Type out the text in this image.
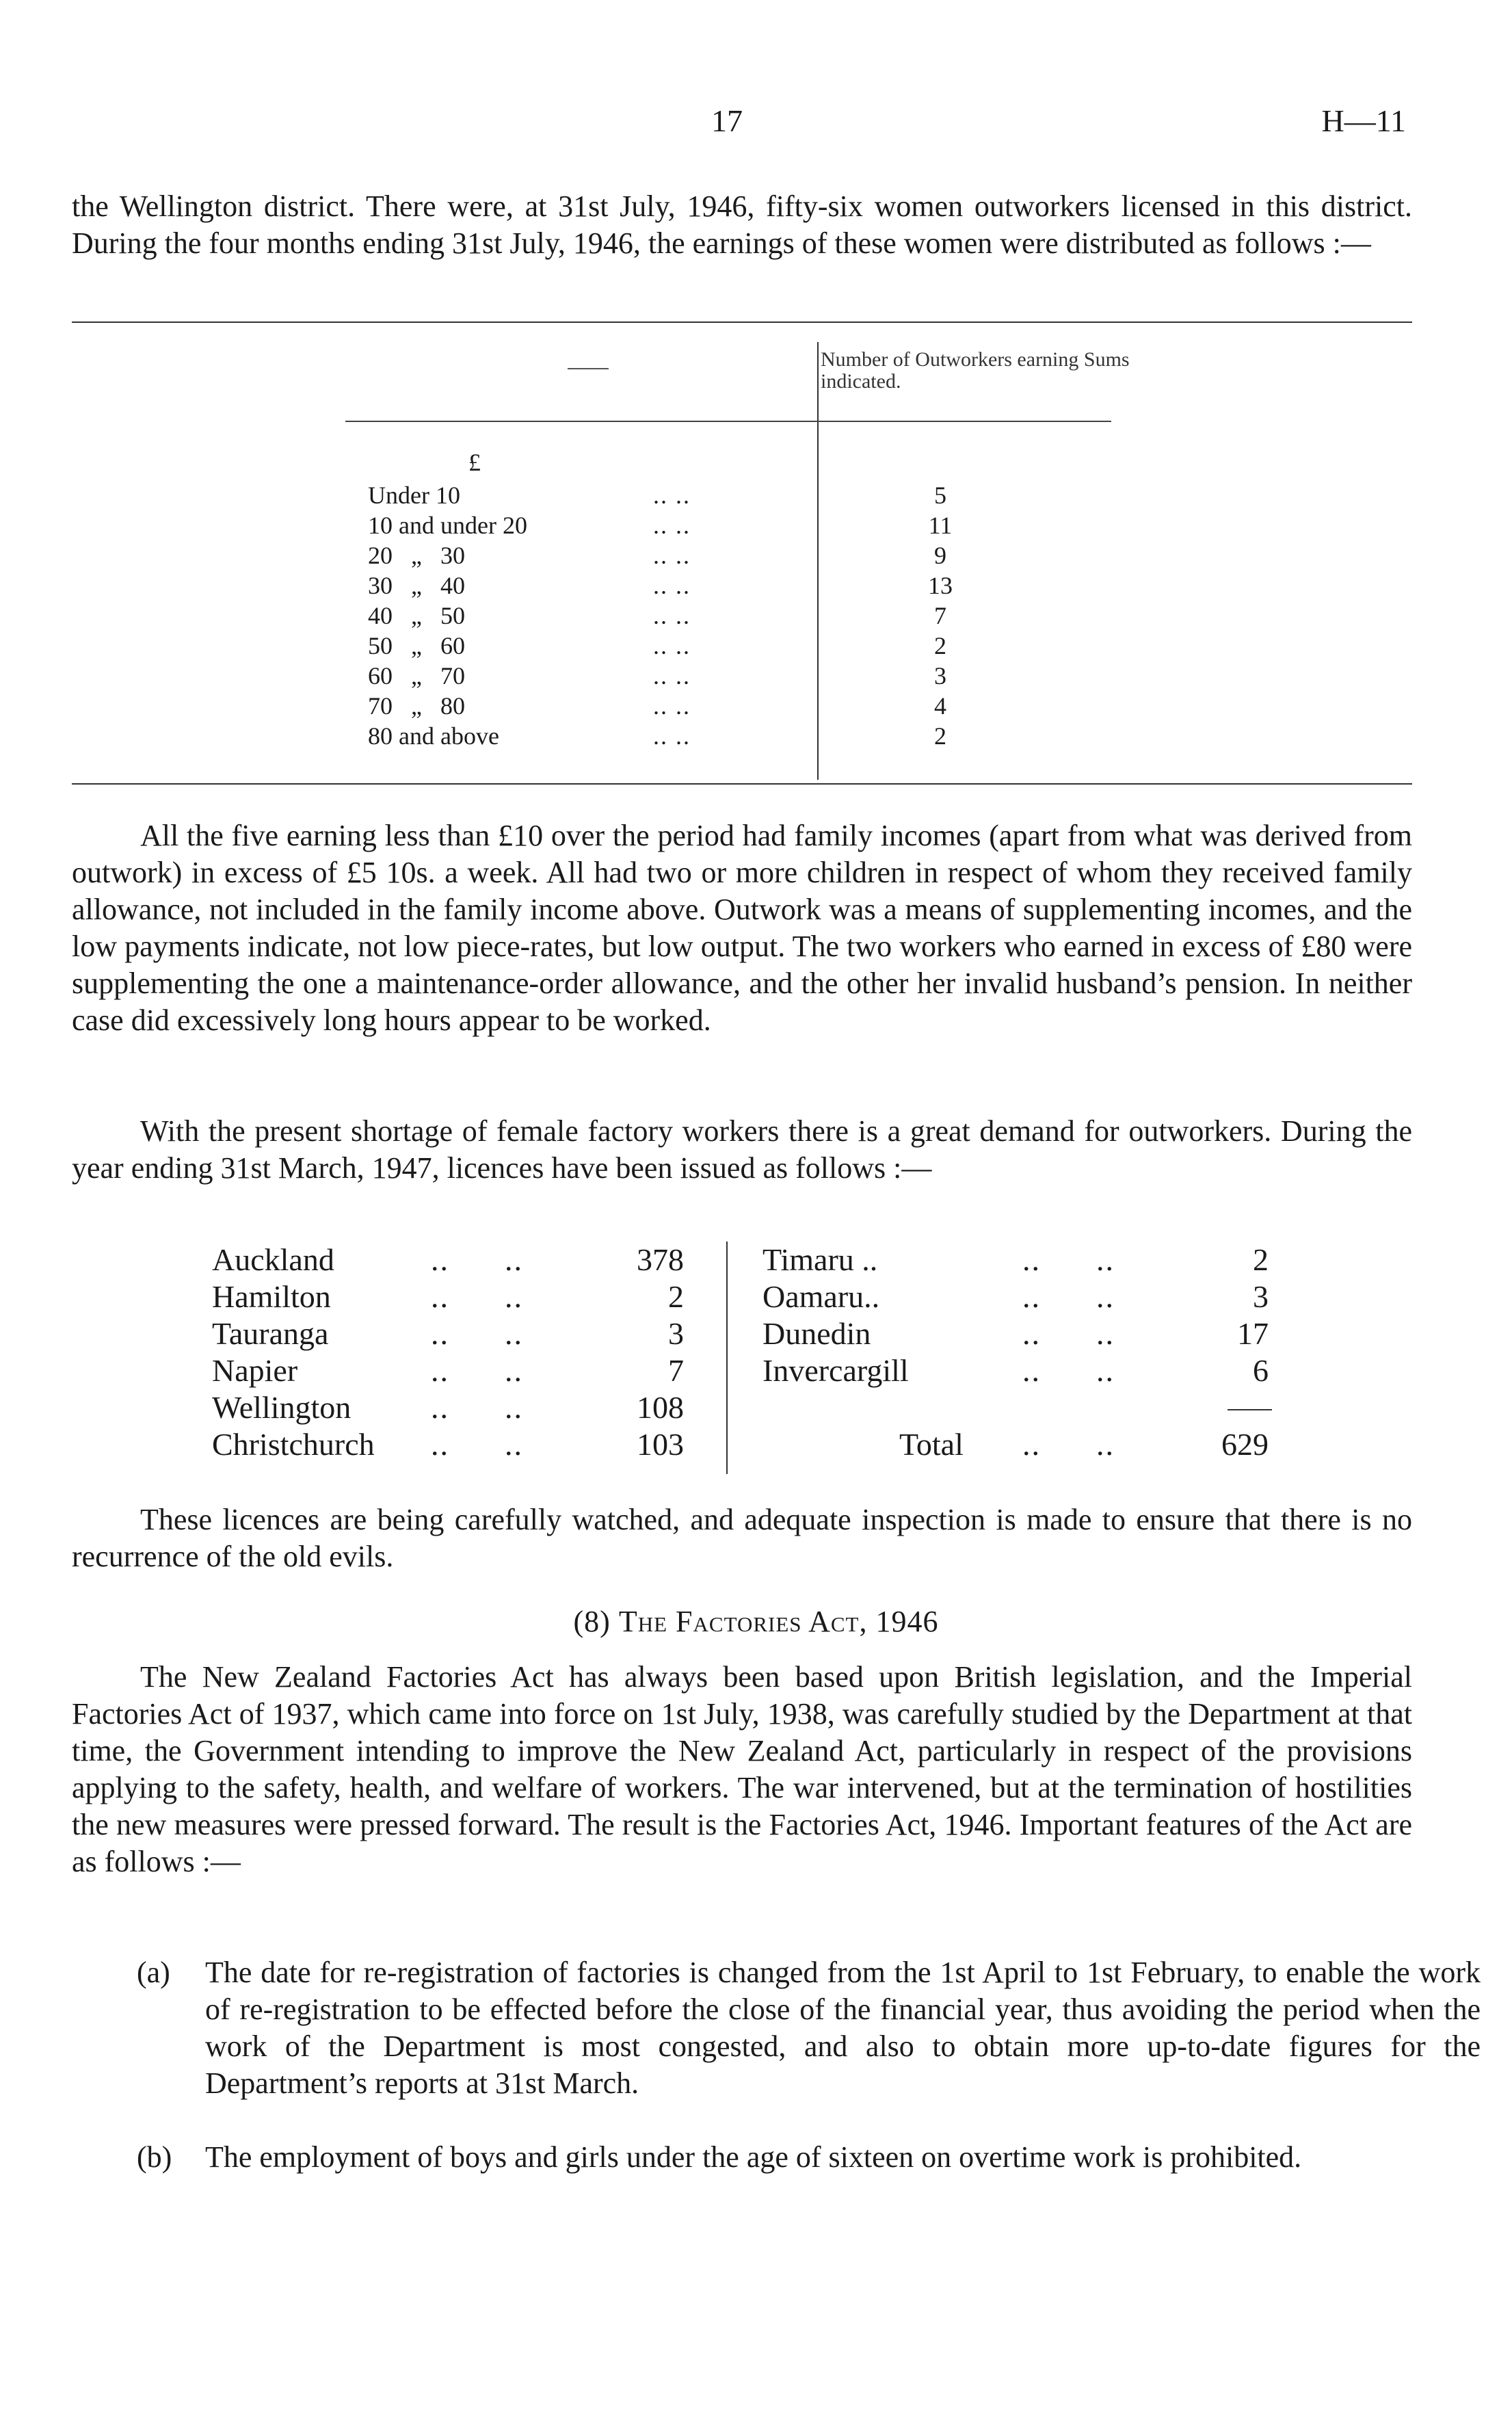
17	H—11

the Wellington district. There were, at 31st July, 1946, fifty-six women outworkers licensed in this district. During the four months ending 31st July, 1946, the earnings of these women were distributed as follows :—

Number of Outworkers earning Sums indicated.
£
Under 10	.. ..	5
10 and under 20	.. ..	11
20   „   30	.. ..	9
30   „   40	.. ..	13
40   „   50	.. ..	7
50   „   60	.. ..	2
60   „   70	.. ..	3
70   „   80	.. ..	4
80 and above	.. ..	2

All the five earning less than £10 over the period had family incomes (apart from what was derived from outwork) in excess of £5 10s. a week. All had two or more children in respect of whom they received family allowance, not included in the family income above. Outwork was a means of supplementing incomes, and the low payments indicate, not low piece-rates, but low output. The two workers who earned in excess of £80 were supplementing the one a maintenance-order allowance, and the other her invalid husband’s pension. In neither case did excessively long hours appear to be worked.

With the present shortage of female factory workers there is a great demand for outworkers. During the year ending 31st March, 1947, licences have been issued as follows :—

Auckland	..      ..	378
Hamilton	..      ..	2
Tauranga	..      ..	3
Napier	..      ..	7
Wellington	..      ..	108
Christchurch ..      ..	103
Timaru ..	..      ..	2
Oamaru..	..      ..	3
Dunedin	..      ..	17
Invercargill	..      ..	6
Total ..      ..	629

These licences are being carefully watched, and adequate inspection is made to ensure that there is no recurrence of the old evils.

(8) The Factories Act, 1946

The New Zealand Factories Act has always been based upon British legislation, and the Imperial Factories Act of 1937, which came into force on 1st July, 1938, was carefully studied by the Department at that time, the Government intending to improve the New Zealand Act, particularly in respect of the provisions applying to the safety, health, and welfare of workers. The war intervened, but at the termination of hostilities the new measures were pressed forward. The result is the Factories Act, 1946. Important features of the Act are as follows :—

(a) The date for re-registration of factories is changed from the 1st April to 1st February, to enable the work of re-registration to be effected before the close of the financial year, thus avoiding the period when the work of the Department is most congested, and also to obtain more up-to-date figures for the Department’s reports at 31st March.

(b) The employment of boys and girls under the age of sixteen on overtime work is prohibited.
